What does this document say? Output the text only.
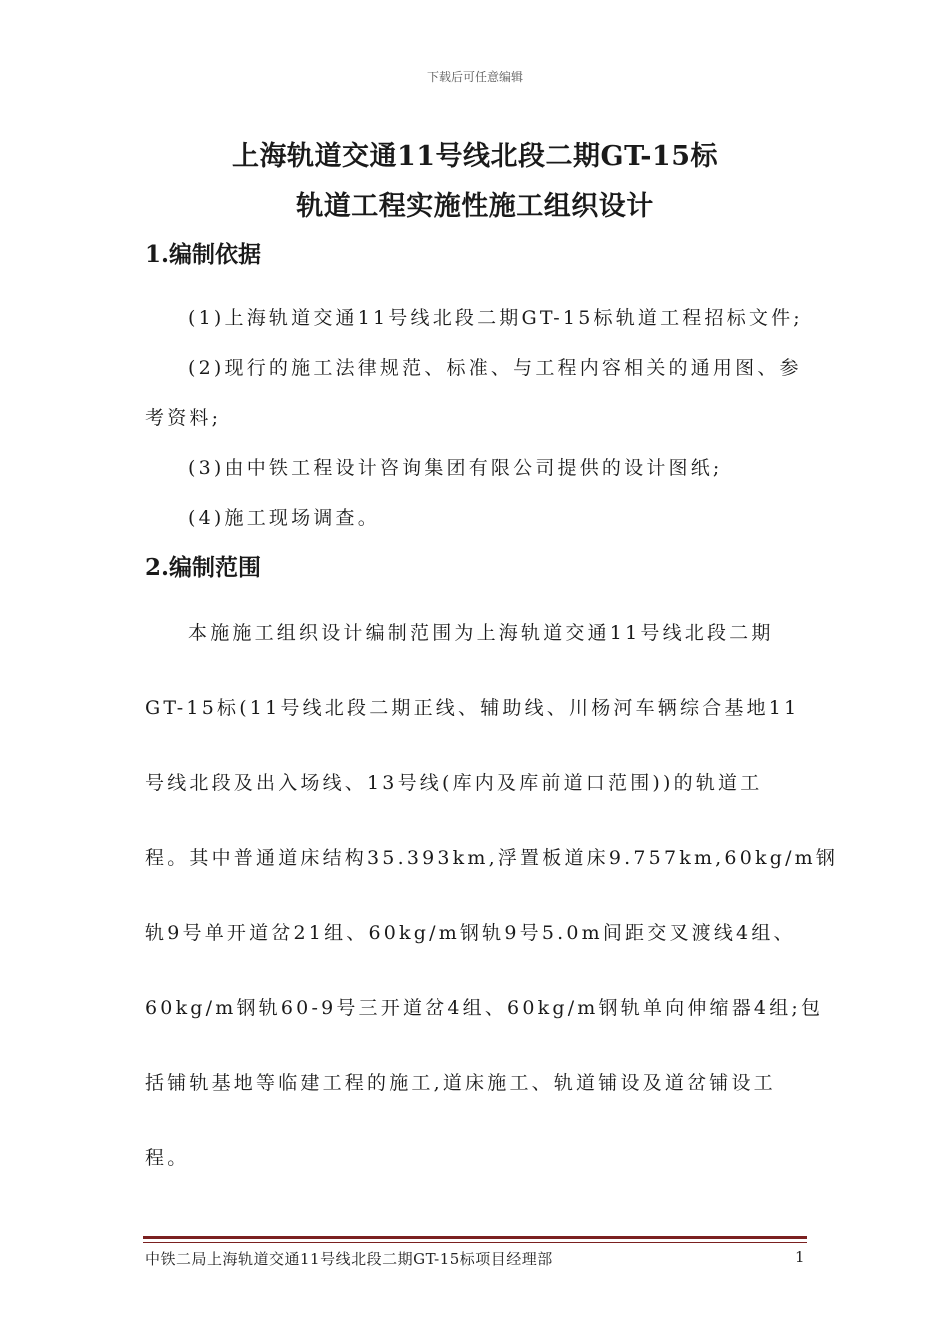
下载后可任意编辑
上海轨道交通11号线北段二期GT-15标
轨道工程实施性施工组织设计
1.编制依据
(1)上海轨道交通11号线北段二期GT-15标轨道工程招标文件;
(2)现行的施工法律规范、标准、与工程内容相关的通用图、参
考资料;
(3)由中铁工程设计咨询集团有限公司提供的设计图纸;
(4)施工现场调查。
2.编制范围
本施施工组织设计编制范围为上海轨道交通11号线北段二期
GT-15标(11号线北段二期正线、辅助线、川杨河车辆综合基地11
号线北段及出入场线、13号线(库内及库前道口范围))的轨道工
程。其中普通道床结构35.393km,浮置板道床9.757km,60kg/m钢
轨9号单开道岔21组、60kg/m钢轨9号5.0m间距交叉渡线4组、
60kg/m钢轨60-9号三开道岔4组、60kg/m钢轨单向伸缩器4组;包
括铺轨基地等临建工程的施工,道床施工、轨道铺设及道岔铺设工
程。
中铁二局上海轨道交通11号线北段二期GT-15标项目经理部	1
